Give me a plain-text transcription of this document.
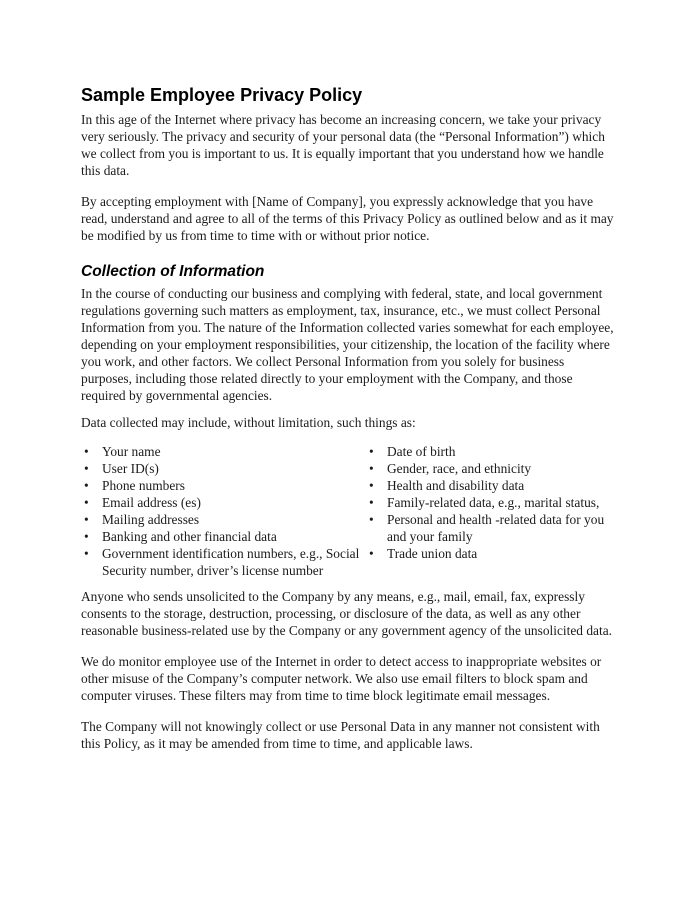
Sample Employee Privacy Policy

In this age of the Internet where privacy has become an increasing concern, we take your privacy very seriously. The privacy and security of your personal data (the “Personal Information”) which we collect from you is important to us. It is equally important that you understand how we handle this data.

By accepting employment with [Name of Company], you expressly acknowledge that you have read, understand and agree to all of the terms of this Privacy Policy as outlined below and as it may be modified by us from time to time with or without prior notice.

Collection of Information

In the course of conducting our business and complying with federal, state, and local government regulations governing such matters as employment, tax, insurance, etc., we must collect Personal Information from you. The nature of the Information collected varies somewhat for each employee, depending on your employment responsibilities, your citizenship, the location of the facility where you work, and other factors. We collect Personal Information from you solely for business purposes, including those related directly to your employment with the Company, and those required by governmental agencies.

Data collected may include, without limitation, such things as:

•
Your name
•
User ID(s)
•
Phone numbers
•
Email address (es)
•
Mailing addresses
•
Banking and other financial data
•
Government identification numbers, e.g., Social Security number, driver’s license number
•
Date of birth
•
Gender, race, and ethnicity
•
Health and disability data
•
Family-related data, e.g., marital status,
•
Personal and health -related data for you and your family
•
Trade union data

Anyone who sends unsolicited to the Company by any means, e.g., mail, email, fax, expressly consents to the storage, destruction, processing, or disclosure of the data, as well as any other reasonable business-related use by the Company or any government agency of the unsolicited data.

We do monitor employee use of the Internet in order to detect access to inappropriate websites or other misuse of the Company’s computer network. We also use email filters to block spam and computer viruses. These filters may from time to time block legitimate email messages.

The Company will not knowingly collect or use Personal Data in any manner not consistent with this Policy, as it may be amended from time to time, and applicable laws.
